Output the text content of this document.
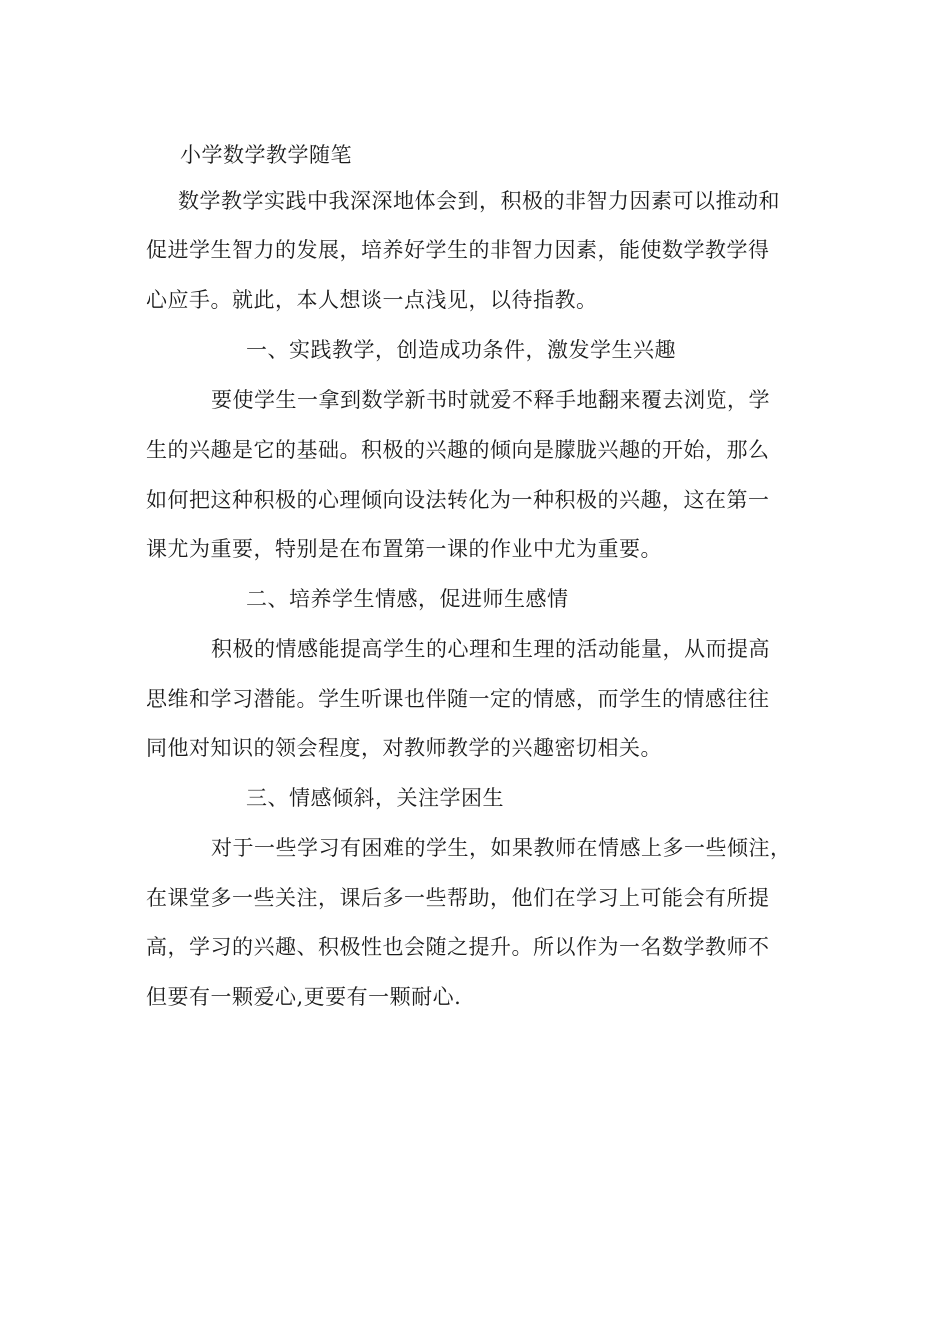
小学数学教学随笔
数学教学实践中我深深地体会到，积极的非智力因素可以推动和
促进学生智力的发展，培养好学生的非智力因素，能使数学教学得
心应手。就此，本人想谈一点浅见，以待指教。
一、实践教学，创造成功条件，激发学生兴趣
要使学生一拿到数学新书时就爱不释手地翻来覆去浏览，学
生的兴趣是它的基础。积极的兴趣的倾向是朦胧兴趣的开始，那么
如何把这种积极的心理倾向设法转化为一种积极的兴趣，这在第一
课尤为重要，特别是在布置第一课的作业中尤为重要。
二、培养学生情感，促进师生感情
积极的情感能提高学生的心理和生理的活动能量，从而提高
思维和学习潜能。学生听课也伴随一定的情感，而学生的情感往往
同他对知识的领会程度，对教师教学的兴趣密切相关。
三、情感倾斜，关注学困生
对于一些学习有困难的学生，如果教师在情感上多一些倾注，
在课堂多一些关注，课后多一些帮助，他们在学习上可能会有所提
高，学习的兴趣、积极性也会随之提升。所以作为一名数学教师不
但要有一颗爱心,更要有一颗耐心.
